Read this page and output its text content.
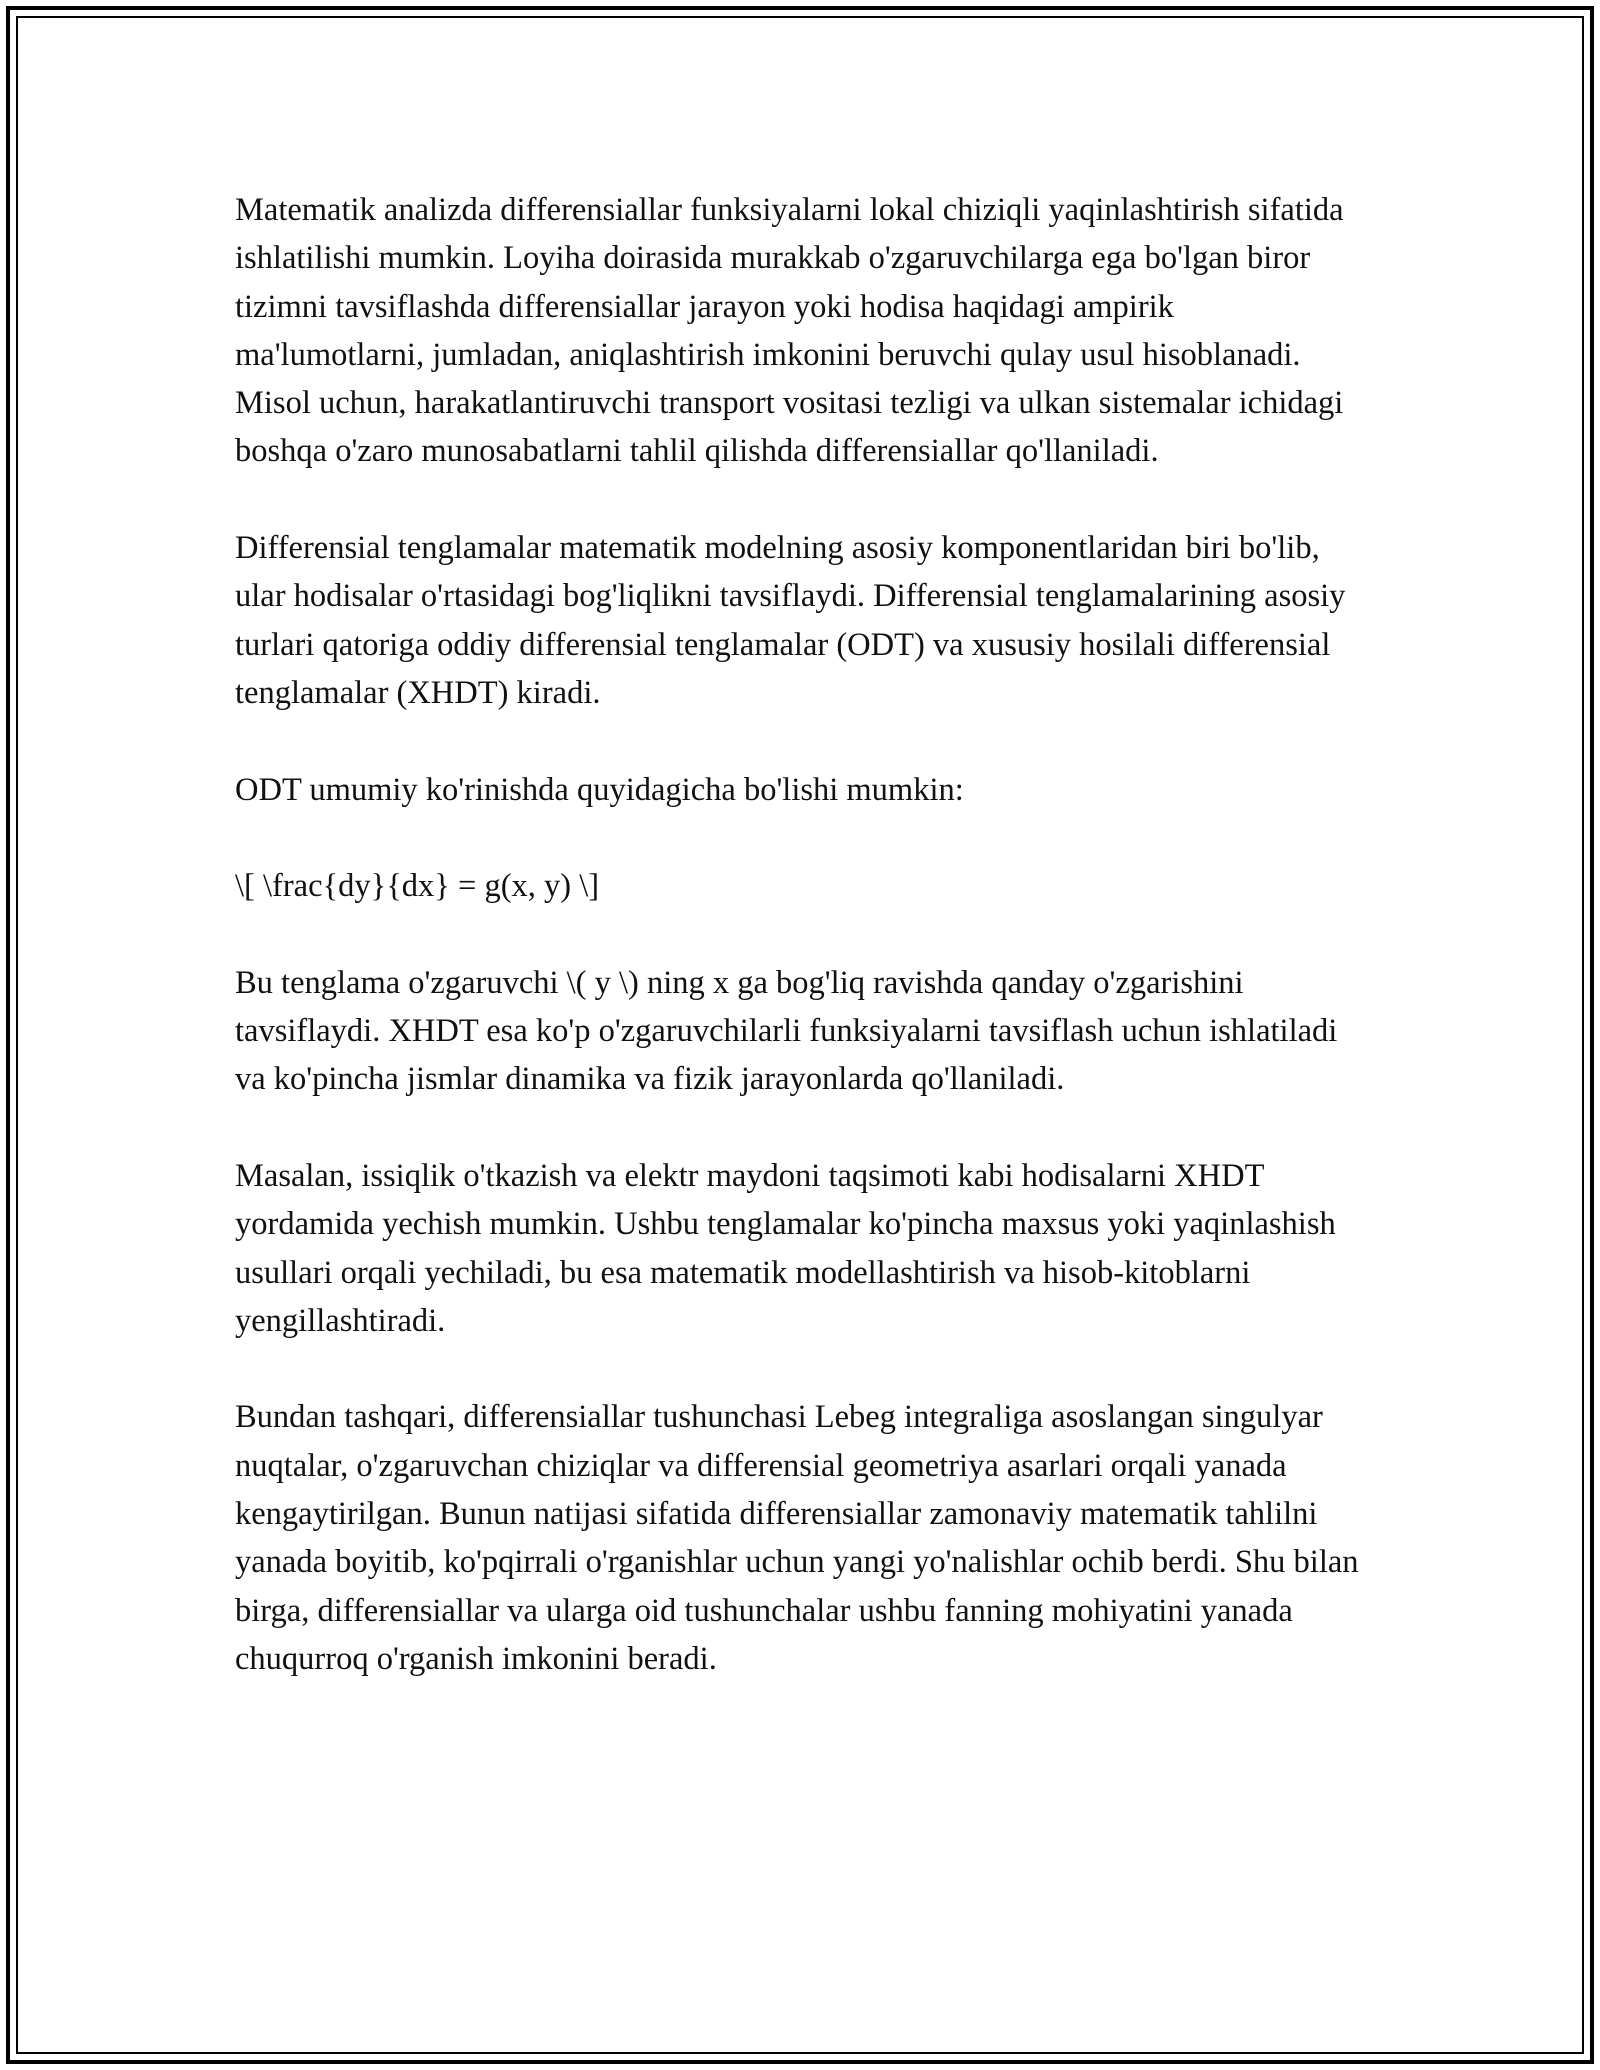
Matematik analizda differensiallar funksiyalarni lokal chiziqli yaqinlashtirish sifatida ishlatilishi mumkin. Loyiha doirasida murakkab o'zgaruvchilarga ega bo'lgan biror tizimni tavsiflashda differensiallar jarayon yoki hodisa haqidagi ampirik ma'lumotlarni, jumladan, aniqlashtirish imkonini beruvchi qulay usul hisoblanadi. Misol uchun, harakatlantiruvchi transport vositasi tezligi va ulkan sistemalar ichidagi boshqa o'zaro munosabatlarni tahlil qilishda differensiallar qo'llaniladi.

Differensial tenglamalar matematik modelning asosiy komponentlaridan biri bo'lib, ular hodisalar o'rtasidagi bog'liqlikni tavsiflaydi. Differensial tenglamalarining asosiy turlari qatoriga oddiy differensial tenglamalar (ODT) va xususiy hosilali differensial tenglamalar (XHDT) kiradi.

ODT umumiy ko'rinishda quyidagicha bo'lishi mumkin:

\[ \frac{dy}{dx} = g(x, y) \]

Bu tenglama o'zgaruvchi \( y \) ning x ga bog'liq ravishda qanday o'zgarishini tavsiflaydi. XHDT esa ko'p o'zgaruvchilarli funksiyalarni tavsiflash uchun ishlatiladi va ko'pincha jismlar dinamika va fizik jarayonlarda qo'llaniladi.

Masalan, issiqlik o'tkazish va elektr maydoni taqsimoti kabi hodisalarni XHDT yordamida yechish mumkin. Ushbu tenglamalar ko'pincha maxsus yoki yaqinlashish usullari orqali yechiladi, bu esa matematik modellashtirish va hisob-kitoblarni yengillashtiradi.

Bundan tashqari, differensiallar tushunchasi Lebeg integraliga asoslangan singulyar nuqtalar, o'zgaruvchan chiziqlar va differensial geometriya asarlari orqali yanada kengaytirilgan. Bunun natijasi sifatida differensiallar zamonaviy matematik tahlilni yanada boyitib, ko'pqirrali o'rganishlar uchun yangi yo'nalishlar ochib berdi. Shu bilan birga, differensiallar va ularga oid tushunchalar ushbu fanning mohiyatini yanada chuqurroq o'rganish imkonini beradi.
